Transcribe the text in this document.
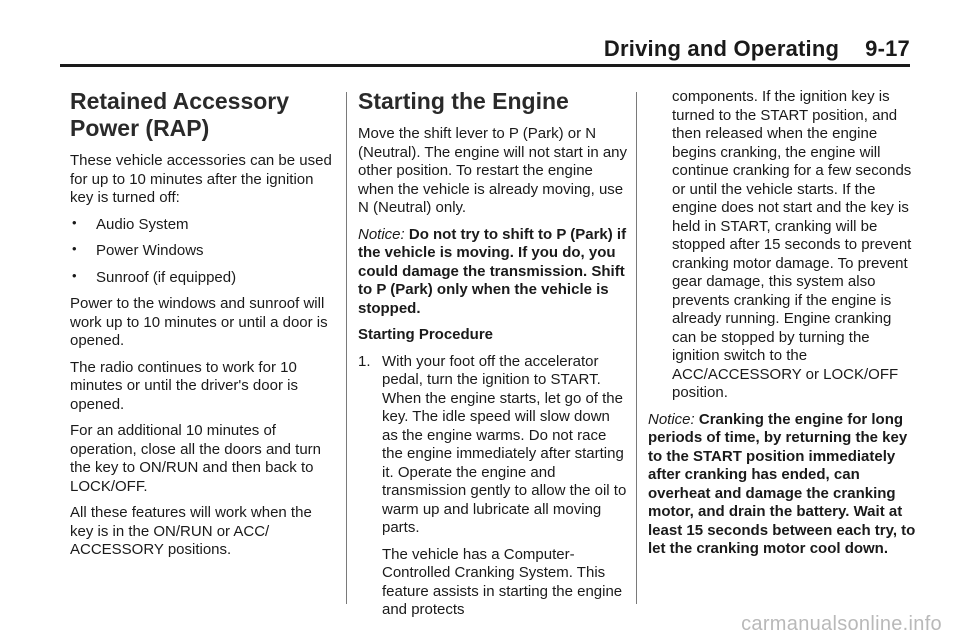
Driving and Operating 9-17
Retained Accessory
Power (RAP)

These vehicle accessories can be used for up to 10 minutes after the ignition key is turned off:

• Audio System
• Power Windows
• Sunroof (if equipped)

Power to the windows and sunroof will work up to 10 minutes or until a door is opened.

The radio continues to work for 10 minutes or until the driver's door is opened.

For an additional 10 minutes of operation, close all the doors and turn the key to ON/RUN and then back to LOCK/OFF.

All these features will work when the key is in the ON/RUN or ACC/ ACCESSORY positions.

Starting the Engine

Move the shift lever to P (Park) or N (Neutral). The engine will not start in any other position. To restart the engine when the vehicle is already moving, use N (Neutral) only.

Notice: Do not try to shift to P (Park) if the vehicle is moving. If you do, you could damage the transmission. Shift to P (Park) only when the vehicle is stopped.

Starting Procedure

1. With your foot off the accelerator pedal, turn the ignition to START. When the engine starts, let go of the key. The idle speed will slow down as the engine warms. Do not race the engine immediately after starting it. Operate the engine and transmission gently to allow the oil to warm up and lubricate all moving parts.

The vehicle has a Computer-Controlled Cranking System. This feature assists in starting the engine and protects

components. If the ignition key is turned to the START position, and then released when the engine begins cranking, the engine will continue cranking for a few seconds or until the vehicle starts. If the engine does not start and the key is held in START, cranking will be stopped after 15 seconds to prevent cranking motor damage. To prevent gear damage, this system also prevents cranking if the engine is already running. Engine cranking can be stopped by turning the ignition switch to the ACC/ACCESSORY or LOCK/OFF position.

Notice: Cranking the engine for long periods of time, by returning the key to the START position immediately after cranking has ended, can overheat and damage the cranking motor, and drain the battery. Wait at least 15 seconds between each try, to let the cranking motor cool down.

carmanualsonline.info
